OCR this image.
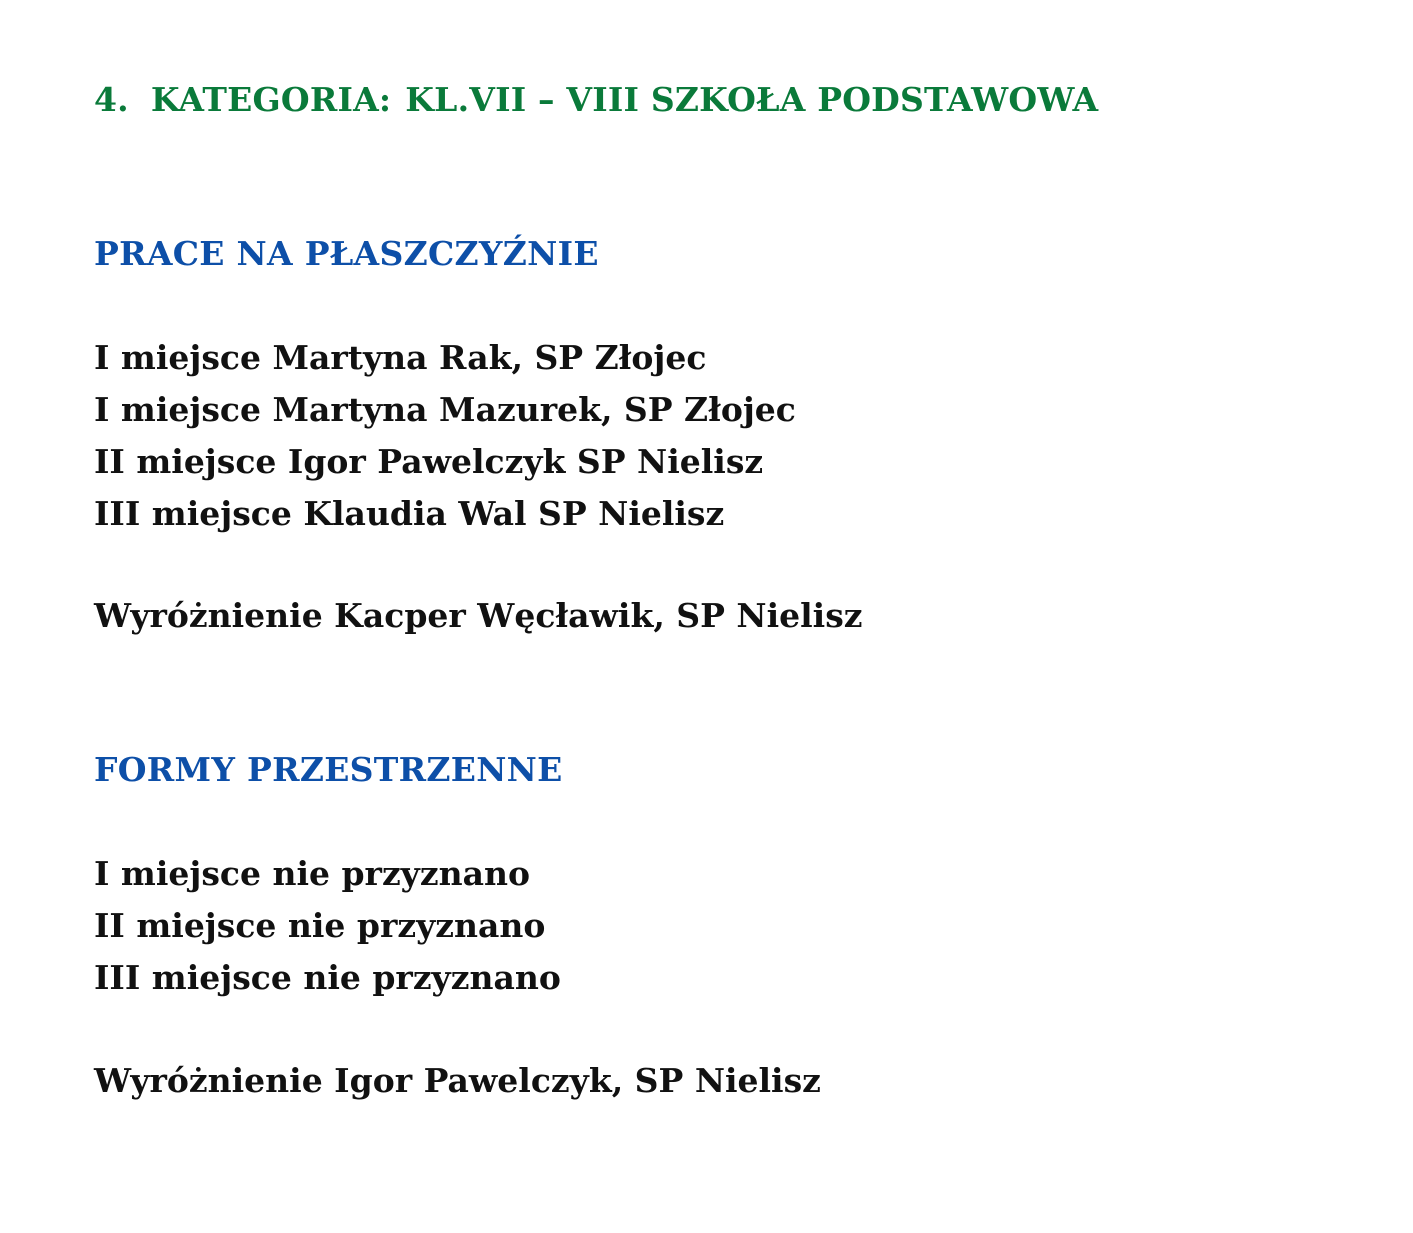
4. KATEGORIA: KL.VII – VIII SZKOŁA PODSTAWOWA
PRACE NA PŁASZCZYŹNIE
I miejsce Martyna Rak, SP Złojec
I miejsce Martyna Mazurek, SP Złojec
II miejsce Igor Pawelczyk SP Nielisz
III miejsce Klaudia Wal SP Nielisz
Wyróżnienie Kacper Węcławik, SP Nielisz
FORMY PRZESTRZENNE
I miejsce nie przyznano
II miejsce nie przyznano
III miejsce nie przyznano
Wyróżnienie Igor Pawelczyk, SP Nielisz
